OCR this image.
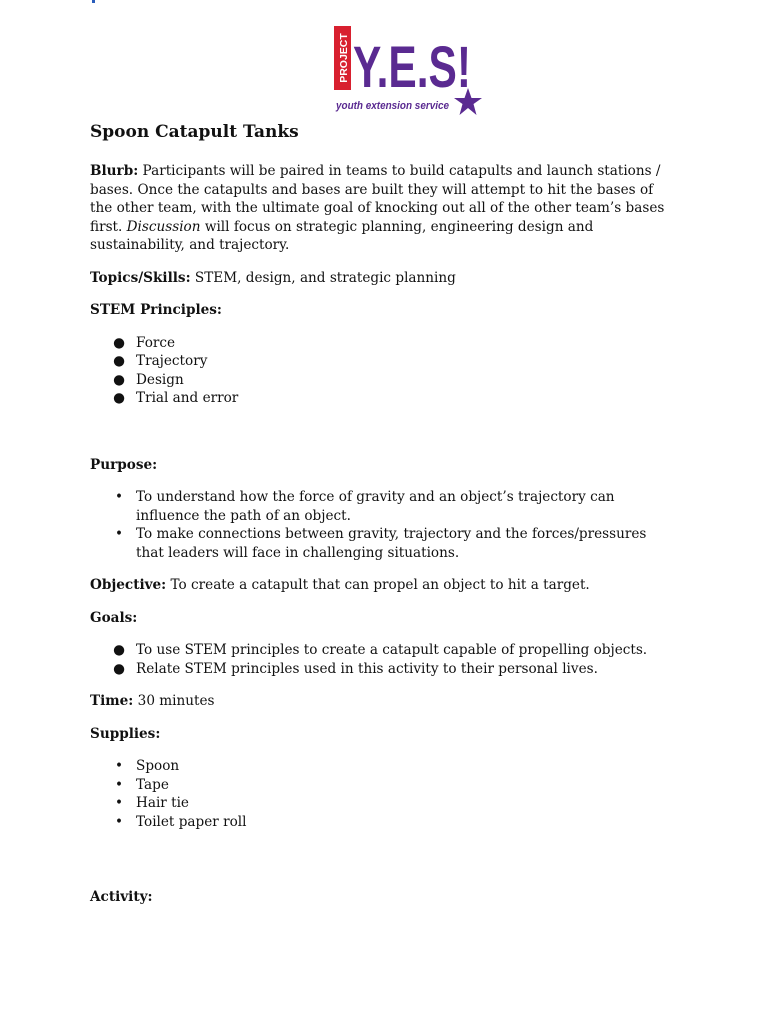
PROJECT Y.E.S!
youth extension service
Spoon Catapult Tanks

Blurb: Participants will be paired in teams to build catapults and launch stations / bases. Once the catapults and bases are built they will attempt to hit the bases of the other team, with the ultimate goal of knocking out all of the other team’s bases first. Discussion will focus on strategic planning, engineering design and sustainability, and trajectory.

Topics/Skills: STEM, design, and strategic planning

STEM Principles:
● Force
● Trajectory
● Design
● Trial and error
Purpose:
• To understand how the force of gravity and an object’s trajectory can influence the path of an object.
• To make connections between gravity, trajectory and the forces/pressures that leaders will face in challenging situations.

Objective: To create a catapult that can propel an object to hit a target.

Goals:
● To use STEM principles to create a catapult capable of propelling objects.
● Relate STEM principles used in this activity to their personal lives.

Time: 30 minutes

Supplies:
• Spoon
• Tape
• Hair tie
• Toilet paper roll
Activity:
